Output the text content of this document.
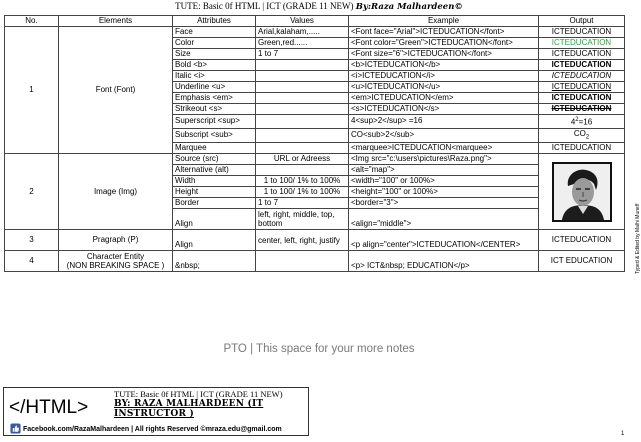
TUTE: Basic 0f HTML | ICT (GRADE 11 NEW) By:Raza Malhardeen©
No.	Elements	Attributes	Values	Example	Output
1	Font (Font)	Face	Arial,kalaham,.....	<Font face="Arial">ICTEDUCATION</font>	ICTEDUCATION
		Color	Green,red......	<Font color="Green">ICTEDUCATION</font>	ICTEDUCATION
		Size	1 to 7	<Font size="6">ICTEDUCATION</font>	ICTEDUCATION
		Bold <b>		<b>ICTEDUCATION</b>	ICTEDUCATION
		Italic <i>		<i>ICTEDUCATION</i>	ICTEDUCATION
		Underline <u>		<u>ICTEDUCATION</u>	ICTEDUCATION
		Emphasis <em>		<em>ICTEDUCATION</em>	ICTEDUCATION
		Strikeout <s>		<s>ICTEDUCATION</s>	ICTEDUCATION
		Superscript <sup>		4<sup>2</sup> =16	$4^2=16$
		Subscript <sub>		CO<sub>2</sub>	$CO_2$
		Marquee		<marquee>ICTEDUCATION<marquee>	ICTEDUCATION
2	Image (Img)	Source (src)	URL or Adreess	<Img src="c:\users\pictures\Raza.png">	

		Alternative (alt)		<alt="map">	
		Width	1 to 100/ 1% to 100%	<width="100" or 100%>	
		Height	1 to 100/ 1% to 100%	<height="100" or 100%>	
		Border	1 to 7	<border="3">	
		Align	left, right, middle, top, bottom	<align="middle">	
3	Pragraph (P)	Align	center, left, right, justify	<p align="center">ICTEDUCATION</CENTER>	ICTEDUCATION
4	Character Entity
(NON BREAKING SPACE )	&nbsp;		<p> ICT&nbsp; EDUCATION</p>	ICT EDUCATION	Typed & Edited by Malhi Muneff
PTO | This space for your more notes
</HTML>
TUTE: Basic 0f HTML | ICT (GRADE 11 NEW)
BY: RAZA MALHARDEEN (IT INSTRUCTOR )
Facebook.com/RazaMalhardeen | All rights Reserved ©mraza.edu@gmail.com
1
